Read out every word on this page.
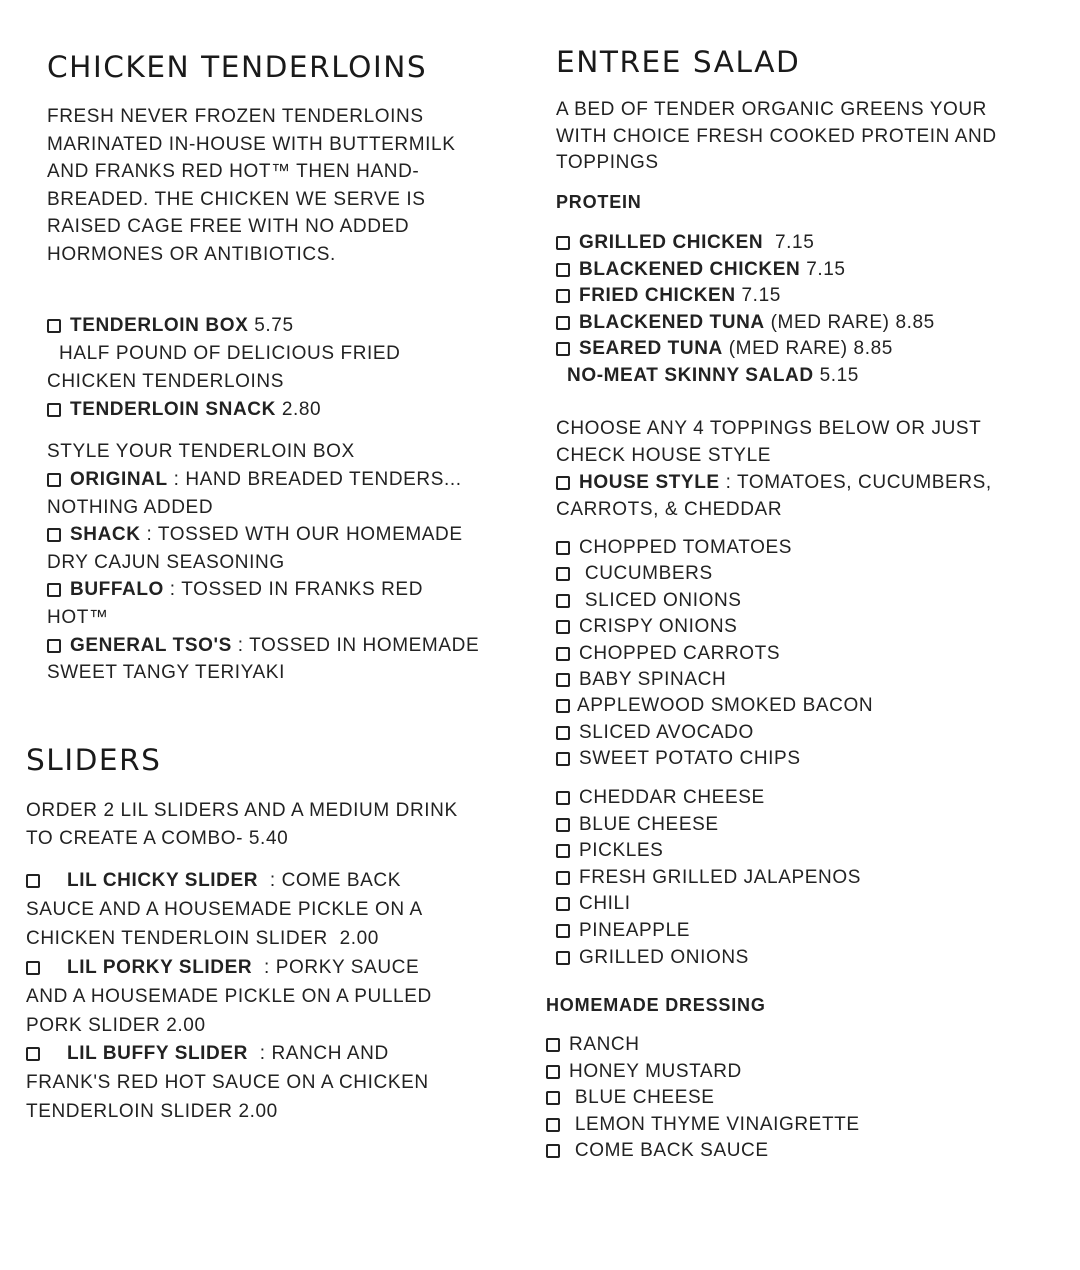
CHICKEN TENDERLOINS
FRESH NEVER FROZEN TENDERLOINS
MARINATED IN-HOUSE WITH BUTTERMILK
AND FRANKS RED HOT™ THEN HAND-
BREADED. THE CHICKEN WE SERVE IS
RAISED CAGE FREE WITH NO ADDED
HORMONES OR ANTIBIOTICS.
TENDERLOIN BOX 5.75
HALF POUND OF DELICIOUS FRIED
CHICKEN TENDERLOINS
TENDERLOIN SNACK 2.80
STYLE YOUR TENDERLOIN BOX
ORIGINAL : HAND BREADED TENDERS...
NOTHING ADDED
SHACK : TOSSED WTH OUR HOMEMADE
DRY CAJUN SEASONING
BUFFALO : TOSSED IN FRANKS RED
HOT™
GENERAL TSO'S : TOSSED IN HOMEMADE
SWEET TANGY TERIYAKI
SLIDERS
ORDER 2 LIL SLIDERS AND A MEDIUM DRINK
TO CREATE A COMBO- 5.40
LIL CHICKY SLIDER  : COME BACK
SAUCE AND A HOUSEMADE PICKLE ON A
CHICKEN TENDERLOIN SLIDER  2.00
LIL PORKY SLIDER  : PORKY SAUCE
AND A HOUSEMADE PICKLE ON A PULLED
PORK SLIDER 2.00
LIL BUFFY SLIDER  : RANCH AND
FRANK'S RED HOT SAUCE ON A CHICKEN
TENDERLOIN SLIDER 2.00
ENTREE SALAD
A BED OF TENDER ORGANIC GREENS YOUR
WITH CHOICE FRESH COOKED PROTEIN AND
TOPPINGS
PROTEIN
GRILLED CHICKEN  7.15
BLACKENED CHICKEN 7.15
FRIED CHICKEN 7.15
BLACKENED TUNA (MED RARE) 8.85
SEARED TUNA (MED RARE) 8.85
NO-MEAT SKINNY SALAD 5.15
CHOOSE ANY 4 TOPPINGS BELOW OR JUST
CHECK HOUSE STYLE
HOUSE STYLE : TOMATOES, CUCUMBERS,
CARROTS, & CHEDDAR
CHOPPED TOMATOES
CUCUMBERS
SLICED ONIONS
CRISPY ONIONS
CHOPPED CARROTS
BABY SPINACH
APPLEWOOD SMOKED BACON
SLICED AVOCADO
SWEET POTATO CHIPS
CHEDDAR CHEESE
BLUE CHEESE
PICKLES
FRESH GRILLED JALAPENOS
CHILI
PINEAPPLE
GRILLED ONIONS
HOMEMADE DRESSING
RANCH
HONEY MUSTARD
BLUE CHEESE
LEMON THYME VINAIGRETTE
COME BACK SAUCE
